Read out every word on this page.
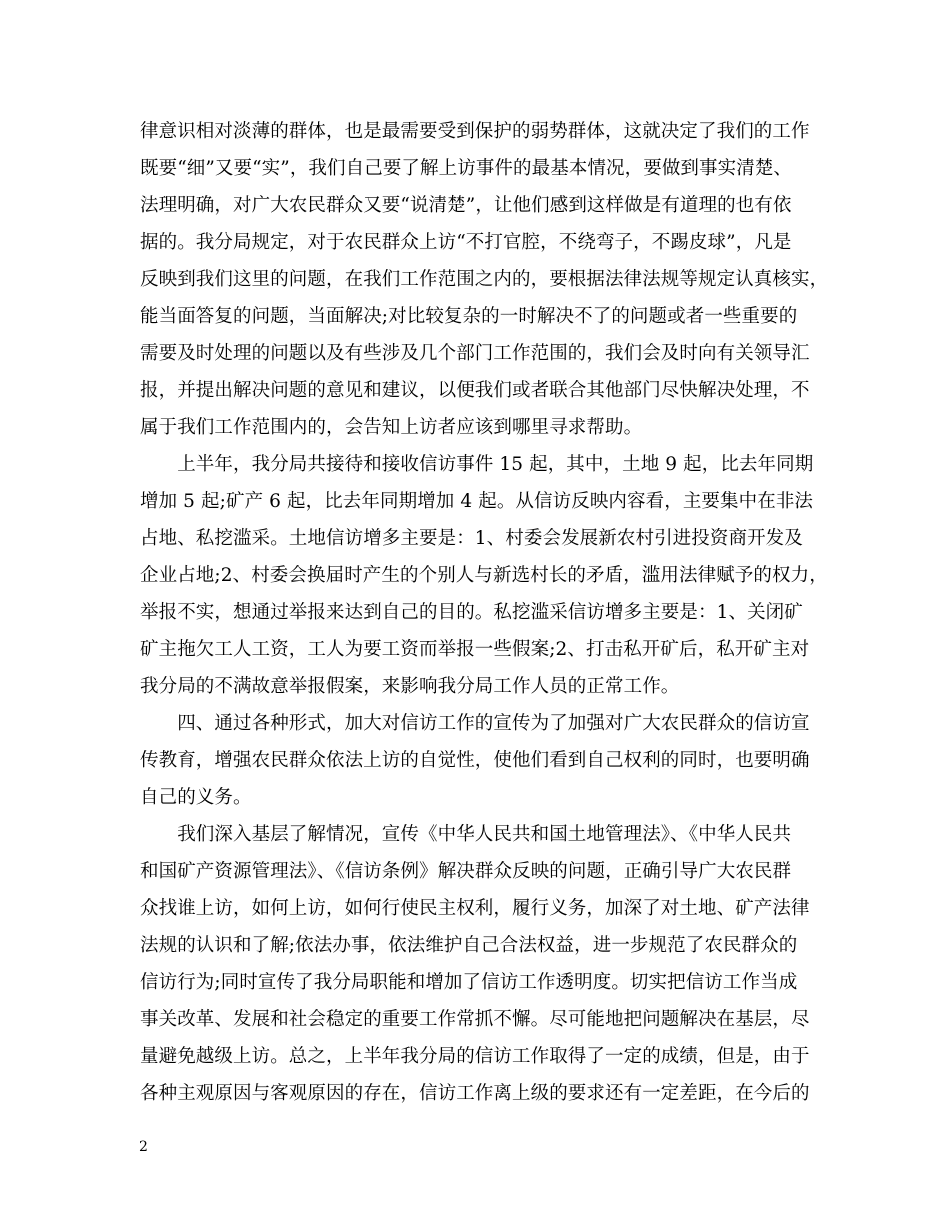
律意识相对淡薄的群体，也是最需要受到保护的弱势群体，这就决定了我们的工作
既要“细”又要“实”，我们自己要了解上访事件的最基本情况，要做到事实清楚、
法理明确，对广大农民群众又要“说清楚”，让他们感到这样做是有道理的也有依
据的。我分局规定，对于农民群众上访“不打官腔，不绕弯子，不踢皮球”，凡是
反映到我们这里的问题，在我们工作范围之内的，要根据法律法规等规定认真核实，
能当面答复的问题，当面解决;对比较复杂的一时解决不了的问题或者一些重要的
需要及时处理的问题以及有些涉及几个部门工作范围的，我们会及时向有关领导汇
报，并提出解决问题的意见和建议，以便我们或者联合其他部门尽快解决处理，不
属于我们工作范围内的，会告知上访者应该到哪里寻求帮助。
　　上半年，我分局共接待和接收信访事件 15 起，其中，土地 9 起，比去年同期
增加 5 起;矿产 6 起，比去年同期增加 4 起。从信访反映内容看，主要集中在非法
占地、私挖滥采。土地信访增多主要是：1、村委会发展新农村引进投资商开发及
企业占地;2、村委会换届时产生的个别人与新选村长的矛盾，滥用法律赋予的权力，
举报不实，想通过举报来达到自己的目的。私挖滥采信访增多主要是：1、关闭矿
矿主拖欠工人工资，工人为要工资而举报一些假案;2、打击私开矿后，私开矿主对
我分局的不满故意举报假案，来影响我分局工作人员的正常工作。
　　四、通过各种形式，加大对信访工作的宣传为了加强对广大农民群众的信访宣
传教育，增强农民群众依法上访的自觉性，使他们看到自己权利的同时，也要明确
自己的义务。
　　我们深入基层了解情况，宣传《中华人民共和国土地管理法》、《中华人民共
和国矿产资源管理法》、《信访条例》解决群众反映的问题，正确引导广大农民群
众找谁上访，如何上访，如何行使民主权利，履行义务，加深了对土地、矿产法律
法规的认识和了解;依法办事，依法维护自己合法权益，进一步规范了农民群众的
信访行为;同时宣传了我分局职能和增加了信访工作透明度。切实把信访工作当成
事关改革、发展和社会稳定的重要工作常抓不懈。尽可能地把问题解决在基层，尽
量避免越级上访。总之，上半年我分局的信访工作取得了一定的成绩，但是，由于
各种主观原因与客观原因的存在，信访工作离上级的要求还有一定差距，在今后的
2
